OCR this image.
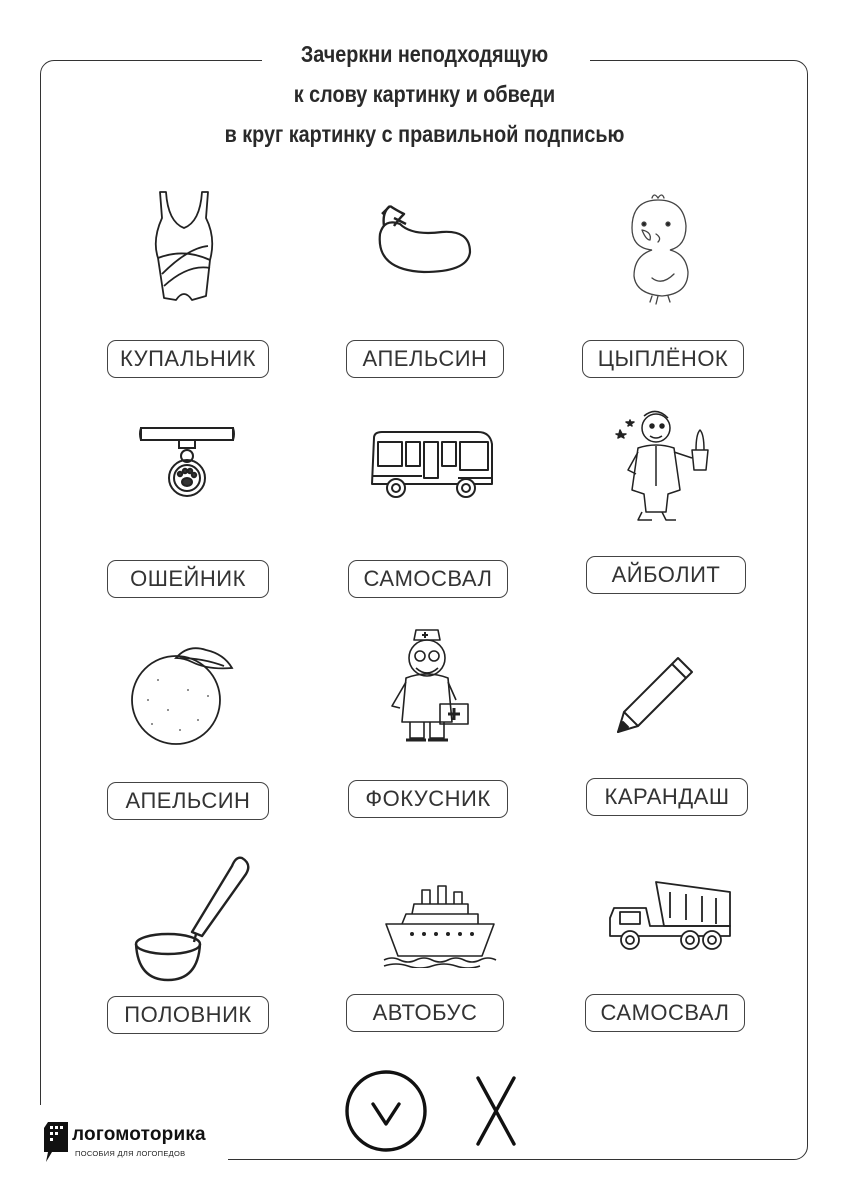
Зачеркни неподходящую
к слову картинку и обведи
в круг картинку с правильной подписью
КУПАЛЬНИК	АПЕЛЬСИН	ЦЫПЛЁНОК
ОШЕЙНИК	САМОСВАЛ	АЙБОЛИТ
АПЕЛЬСИН	ФОКУСНИК	КАРАНДАШ
ПОЛОВНИК	АВТОБУС	САМОСВАЛ
логомоторика
ПОСОБИЯ ДЛЯ ЛОГОПЕДОВ
